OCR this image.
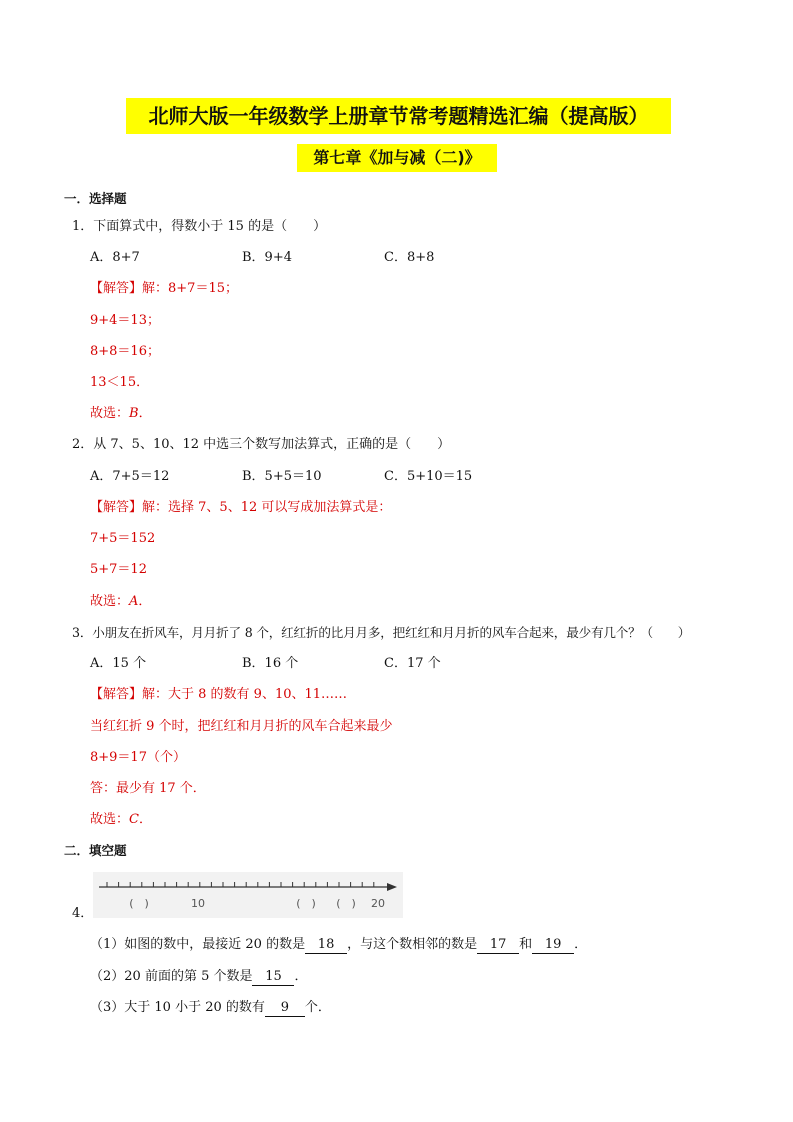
北师大版一年级数学上册章节常考题精选汇编（提高版）
第七章《加与减（二)》
一．选择题
1．下面算式中，得数小于 15 的是（　　）
A．8+7	B．9+4	C．8+8
【解答】解：8+7＝15；
9+4＝13；
8+8＝16；
13＜15．
故选：B．
2．从 7、5、10、12 中选三个数写加法算式，正确的是（　　）
A．7+5＝12	B．5+5＝10	C．5+10＝15
【解答】解：选择 7、5、12 可以写成加法算式是：
7+5＝152
5+7＝12
故选：A．
3．小朋友在折风车，月月折了 8 个，红红折的比月月多，把红红和月月折的风车合起来，最少有几个？（　　）
A．15 个	B．16 个	C．17 个
【解答】解：大于 8 的数有 9、10、11……
当红红折 9 个时，把红红和月月折的风车合起来最少
8+9＝17（个）
答：最少有 17 个．
故选：C．
二．填空题
(　)	10	(　) (　) 20
4．
（1）如图的数中，最接近 20 的数是 18 ，与这个数相邻的数是 17 和 19 ．
（2）20 前面的第 5 个数是 15 ．
（3）大于 10 小于 20 的数有 9 个．
